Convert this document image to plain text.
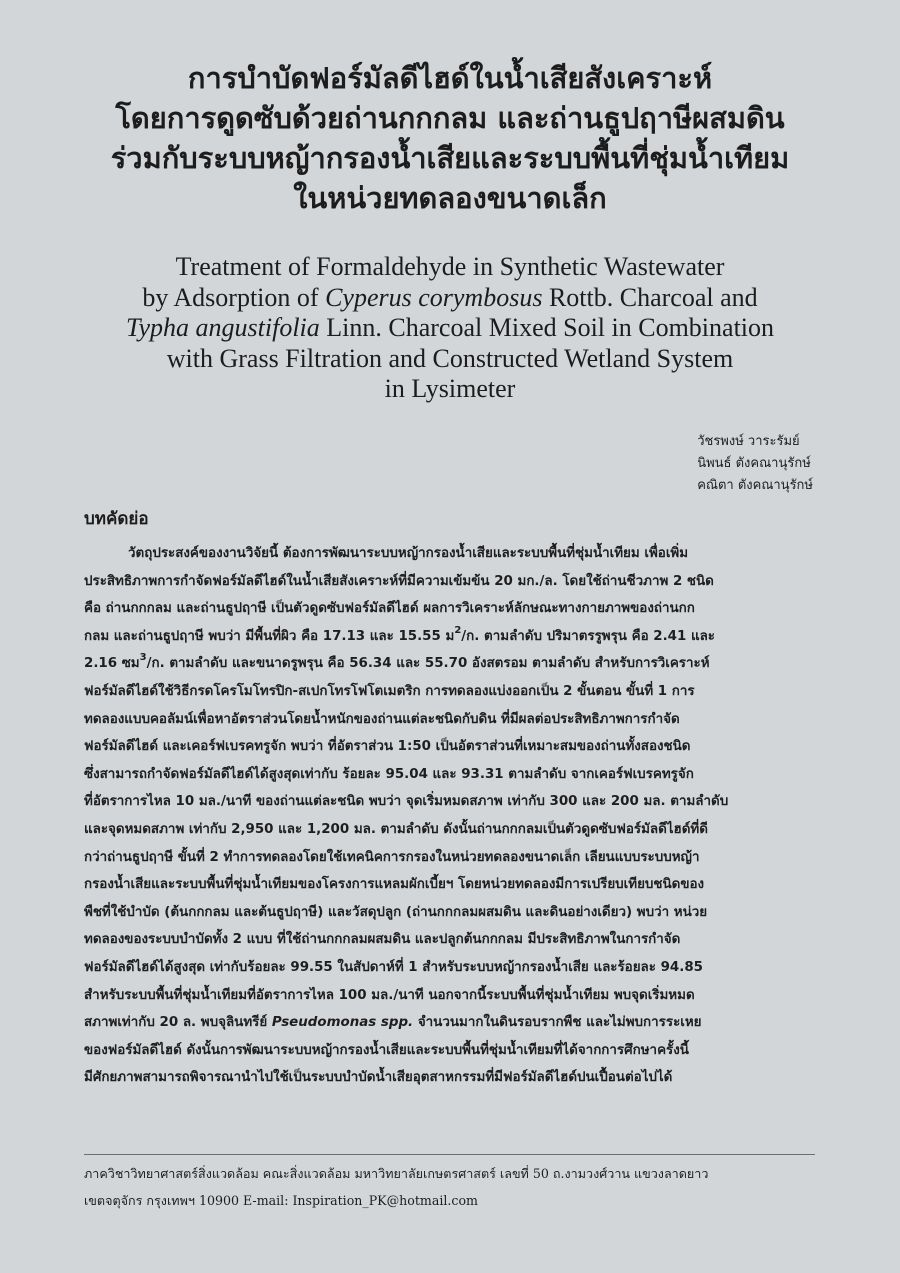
การบำบัดฟอร์มัลดีไฮด์ในน้ำเสียสังเคราะห์
โดยการดูดซับด้วยถ่านกกกลม และถ่านธูปฤาษีผสมดิน
ร่วมกับระบบหญ้ากรองน้ำเสียและระบบพื้นที่ชุ่มน้ำเทียม
ในหน่วยทดลองขนาดเล็ก
Treatment of Formaldehyde in Synthetic Wastewater
by Adsorption of Cyperus corymbosus Rottb. Charcoal and
Typha angustifolia Linn. Charcoal Mixed Soil in Combination
with Grass Filtration and Constructed Wetland System
in Lysimeter
วัชรพงษ์ วาระรัมย์
นิพนธ์ ตังคณานุรักษ์
คณิตา ตังคณานุรักษ์
บทคัดย่อ
วัตถุประสงค์ของงานวิจัยนี้ ต้องการพัฒนาระบบหญ้ากรองน้ำเสียและระบบพื้นที่ชุ่มน้ำเทียม เพื่อเพิ่ม
ประสิทธิภาพการกำจัดฟอร์มัลดีไฮด์ในน้ำเสียสังเคราะห์ที่มีความเข้มข้น 20 มก./ล. โดยใช้ถ่านชีวภาพ 2 ชนิด
คือ ถ่านกกกลม และถ่านธูปฤาษี เป็นตัวดูดซับฟอร์มัลดีไฮด์ ผลการวิเคราะห์ลักษณะทางกายภาพของถ่านกก
กลม และถ่านธูปฤาษี พบว่า มีพื้นที่ผิว คือ 17.13 และ 15.55 ม$^2$/ก. ตามลำดับ ปริมาตรรูพรุน คือ 2.41 และ
2.16 ซม$^3$/ก. ตามลำดับ และขนาดรูพรุน คือ 56.34 และ 55.70 อังสตรอม ตามลำดับ สำหรับการวิเคราะห์
ฟอร์มัลดีไฮด์ใช้วิธีกรดโครโมโทรปิก-สเปกโทรโฟโตเมตริก การทดลองแบ่งออกเป็น 2 ขั้นตอน ขั้นที่ 1 การ
ทดลองแบบคอลัมน์เพื่อหาอัตราส่วนโดยน้ำหนักของถ่านแต่ละชนิดกับดิน ที่มีผลต่อประสิทธิภาพการกำจัด
ฟอร์มัลดีไฮด์ และเคอร์ฟเบรคทรูจัก พบว่า ที่อัตราส่วน 1:50 เป็นอัตราส่วนที่เหมาะสมของถ่านทั้งสองชนิด
ซึ่งสามารถกำจัดฟอร์มัลดีไฮด์ได้สูงสุดเท่ากับ ร้อยละ 95.04 และ 93.31 ตามลำดับ จากเคอร์ฟเบรคทรูจัก
ที่อัตราการไหล 10 มล./นาที ของถ่านแต่ละชนิด พบว่า จุดเริ่มหมดสภาพ เท่ากับ 300 และ 200 มล. ตามลำดับ
และจุดหมดสภาพ เท่ากับ 2,950 และ 1,200 มล. ตามลำดับ ดังนั้นถ่านกกกลมเป็นตัวดูดซับฟอร์มัลดีไฮด์ที่ดี
กว่าถ่านธูปฤาษี ขั้นที่ 2 ทำการทดลองโดยใช้เทคนิคการกรองในหน่วยทดลองขนาดเล็ก เลียนแบบระบบหญ้า
กรองน้ำเสียและระบบพื้นที่ชุ่มน้ำเทียมของโครงการแหลมผักเบี้ยฯ โดยหน่วยทดลองมีการเปรียบเทียบชนิดของ
พืชที่ใช้บำบัด (ต้นกกกลม และต้นธูปฤาษี) และวัสดุปลูก (ถ่านกกกลมผสมดิน และดินอย่างเดียว) พบว่า หน่วย
ทดลองของระบบบำบัดทั้ง 2 แบบ ที่ใช้ถ่านกกกลมผสมดิน และปลูกต้นกกกลม มีประสิทธิภาพในการกำจัด
ฟอร์มัลดีไฮด์ได้สูงสุด เท่ากับร้อยละ 99.55 ในสัปดาห์ที่ 1 สำหรับระบบหญ้ากรองน้ำเสีย และร้อยละ 94.85
สำหรับระบบพื้นที่ชุ่มน้ำเทียมที่อัตราการไหล 100 มล./นาที นอกจากนี้ระบบพื้นที่ชุ่มน้ำเทียม พบจุดเริ่มหมด
สภาพเท่ากับ 20 ล. พบจุลินทรีย์ Pseudomonas spp. จำนวนมากในดินรอบรากพืช และไม่พบการระเหย
ของฟอร์มัลดีไฮด์ ดังนั้นการพัฒนาระบบหญ้ากรองน้ำเสียและระบบพื้นที่ชุ่มน้ำเทียมที่ได้จากการศึกษาครั้งนี้
มีศักยภาพสามารถพิจารณานำไปใช้เป็นระบบบำบัดน้ำเสียอุตสาหกรรมที่มีฟอร์มัลดีไฮด์ปนเปื้อนต่อไปได้
ภาควิชาวิทยาศาสตร์สิ่งแวดล้อม คณะสิ่งแวดล้อม มหาวิทยาลัยเกษตรศาสตร์ เลขที่ 50 ถ.งามวงศ์วาน แขวงลาดยาว
เขตจตุจักร กรุงเทพฯ 10900 E-mail: Inspiration_PK@hotmail.com
